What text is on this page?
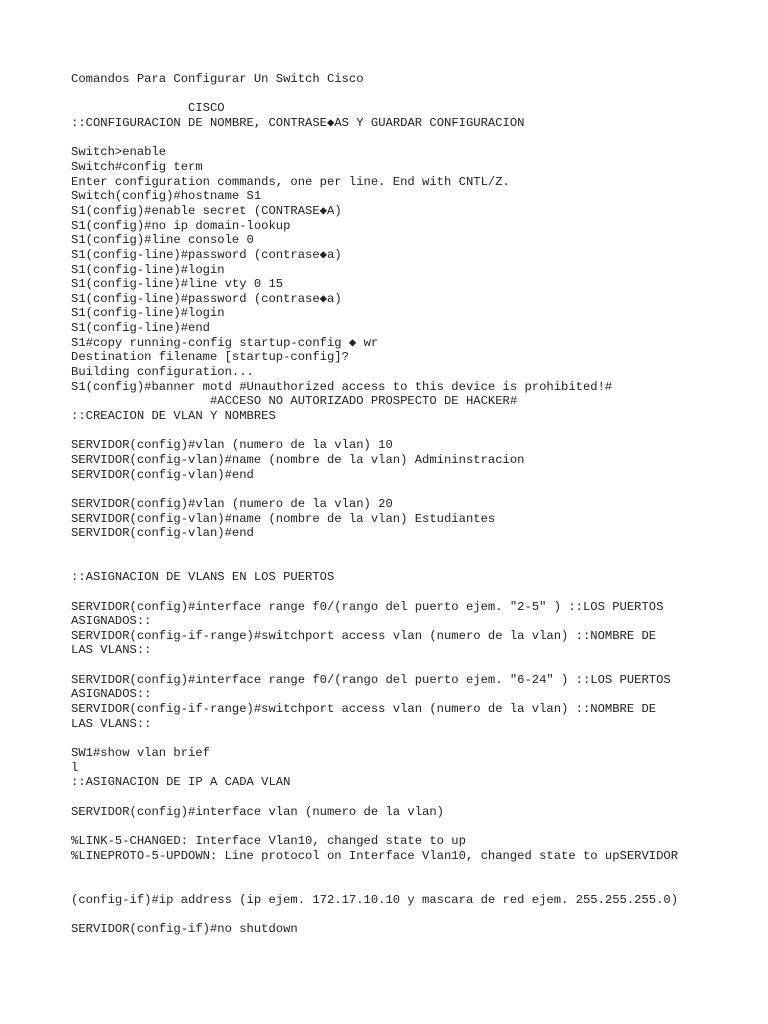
Comandos Para Configurar Un Switch Cisco
CISCO
::CONFIGURACION DE NOMBRE, CONTRASE◆AS Y GUARDAR CONFIGURACION
Switch>enable
Switch#config term
Enter configuration commands, one per line. End with CNTL/Z.
Switch(config)#hostname S1
S1(config)#enable secret (CONTRASE◆A)
S1(config)#no ip domain-lookup
S1(config)#line console 0
S1(config-line)#password (contrase◆a)
S1(config-line)#login
S1(config-line)#line vty 0 15
S1(config-line)#password (contrase◆a)
S1(config-line)#login
S1(config-line)#end
S1#copy running-config startup-config ◆ wr
Destination filename [startup-config]?
Building configuration...
S1(config)#banner motd #Unauthorized access to this device is prohibited!#
#ACCESO NO AUTORIZADO PROSPECTO DE HACKER#
::CREACION DE VLAN Y NOMBRES
SERVIDOR(config)#vlan (numero de la vlan) 10
SERVIDOR(config-vlan)#name (nombre de la vlan) Admininstracion
SERVIDOR(config-vlan)#end
SERVIDOR(config)#vlan (numero de la vlan) 20
SERVIDOR(config-vlan)#name (nombre de la vlan) Estudiantes
SERVIDOR(config-vlan)#end
::ASIGNACION DE VLANS EN LOS PUERTOS
SERVIDOR(config)#interface range f0/(rango del puerto ejem. "2-5" ) ::LOS PUERTOS
ASIGNADOS::
SERVIDOR(config-if-range)#switchport access vlan (numero de la vlan) ::NOMBRE DE
LAS VLANS::
SERVIDOR(config)#interface range f0/(rango del puerto ejem. "6-24" ) ::LOS PUERTOS
ASIGNADOS::
SERVIDOR(config-if-range)#switchport access vlan (numero de la vlan) ::NOMBRE DE
LAS VLANS::
SW1#show vlan brief
l
::ASIGNACION DE IP A CADA VLAN
SERVIDOR(config)#interface vlan (numero de la vlan)
%LINK-5-CHANGED: Interface Vlan10, changed state to up
%LINEPROTO-5-UPDOWN: Line protocol on Interface Vlan10, changed state to upSERVIDOR
(config-if)#ip address (ip ejem. 172.17.10.10 y mascara de red ejem. 255.255.255.0)
SERVIDOR(config-if)#no shutdown
